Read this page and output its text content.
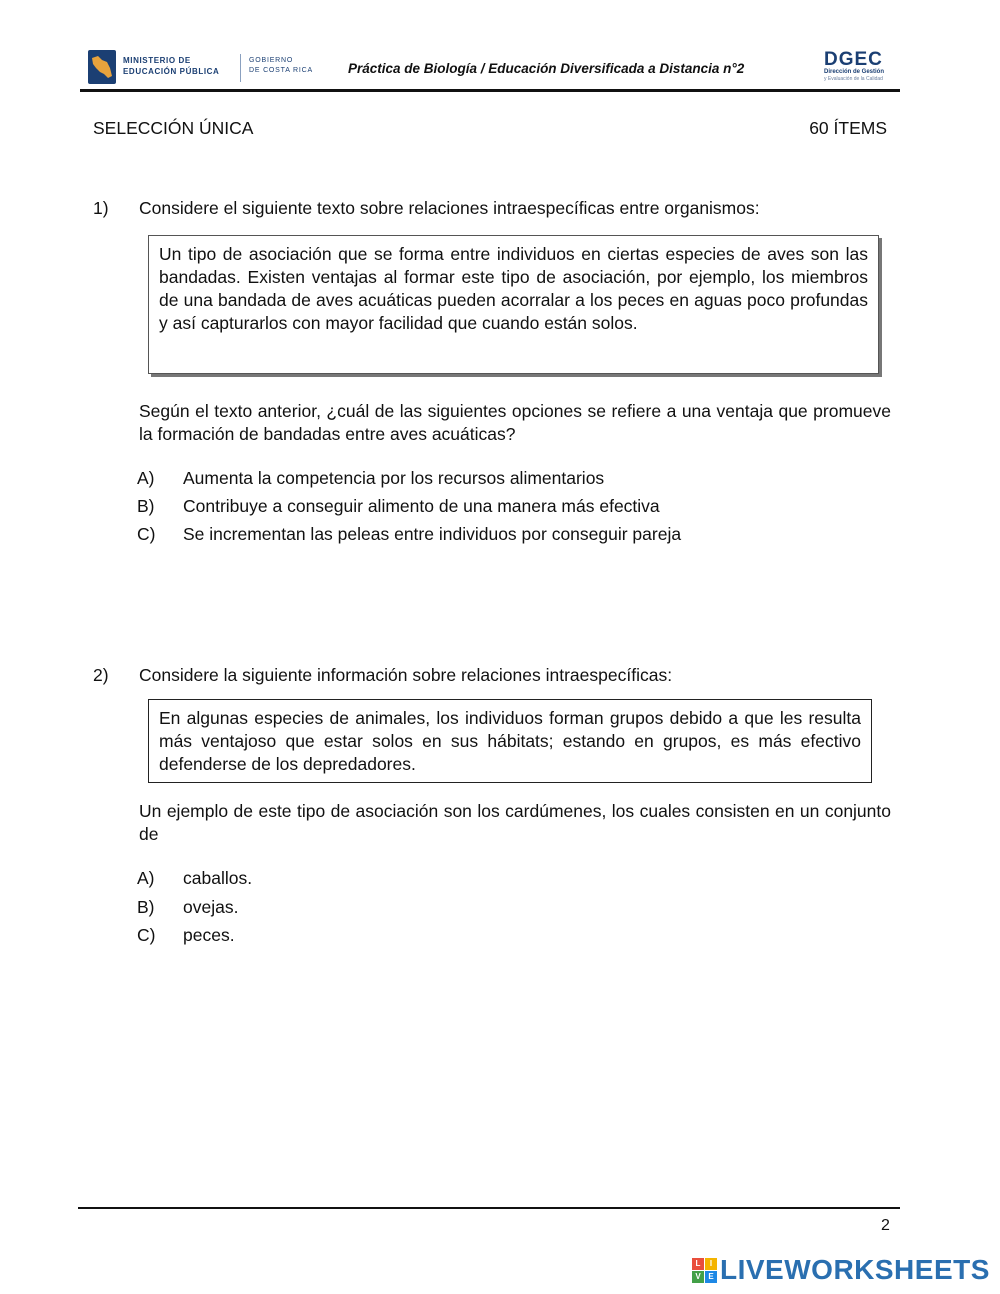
MINISTERIO DE
EDUCACIÓN PÚBLICA
GOBIERNO
DE COSTA RICA	Práctica de Biología / Educación Diversificada a Distancia n°2	DGEC
Dirección de Gestión
y Evaluación de la Calidad
SELECCIÓN ÚNICA	60 ÍTEMS
1) Considere el siguiente texto sobre relaciones intraespecíficas entre organismos:
Un tipo de asociación que se forma entre individuos en ciertas especies de aves son las bandadas. Existen ventajas al formar este tipo de asociación, por ejemplo, los miembros de una bandada de aves acuáticas pueden acorralar a los peces en aguas poco profundas y así capturarlos con mayor facilidad que cuando están solos.
Según el texto anterior, ¿cuál de las siguientes opciones se refiere a una ventaja que promueve la formación de bandadas entre aves acuáticas?
A) Aumenta la competencia por los recursos alimentarios
B) Contribuye a conseguir alimento de una manera más efectiva
C) Se incrementan las peleas entre individuos por conseguir pareja
2) Considere la siguiente información sobre relaciones intraespecíficas:
En algunas especies de animales, los individuos forman grupos debido a que les resulta más ventajoso que estar solos en sus hábitats; estando en grupos, es más efectivo defenderse de los depredadores.
Un ejemplo de este tipo de asociación son los cardúmenes, los cuales consisten en un conjunto de
A) caballos.
B) ovejas.
C) peces.
2
L	I
V E LIVEWORKSHEETS
